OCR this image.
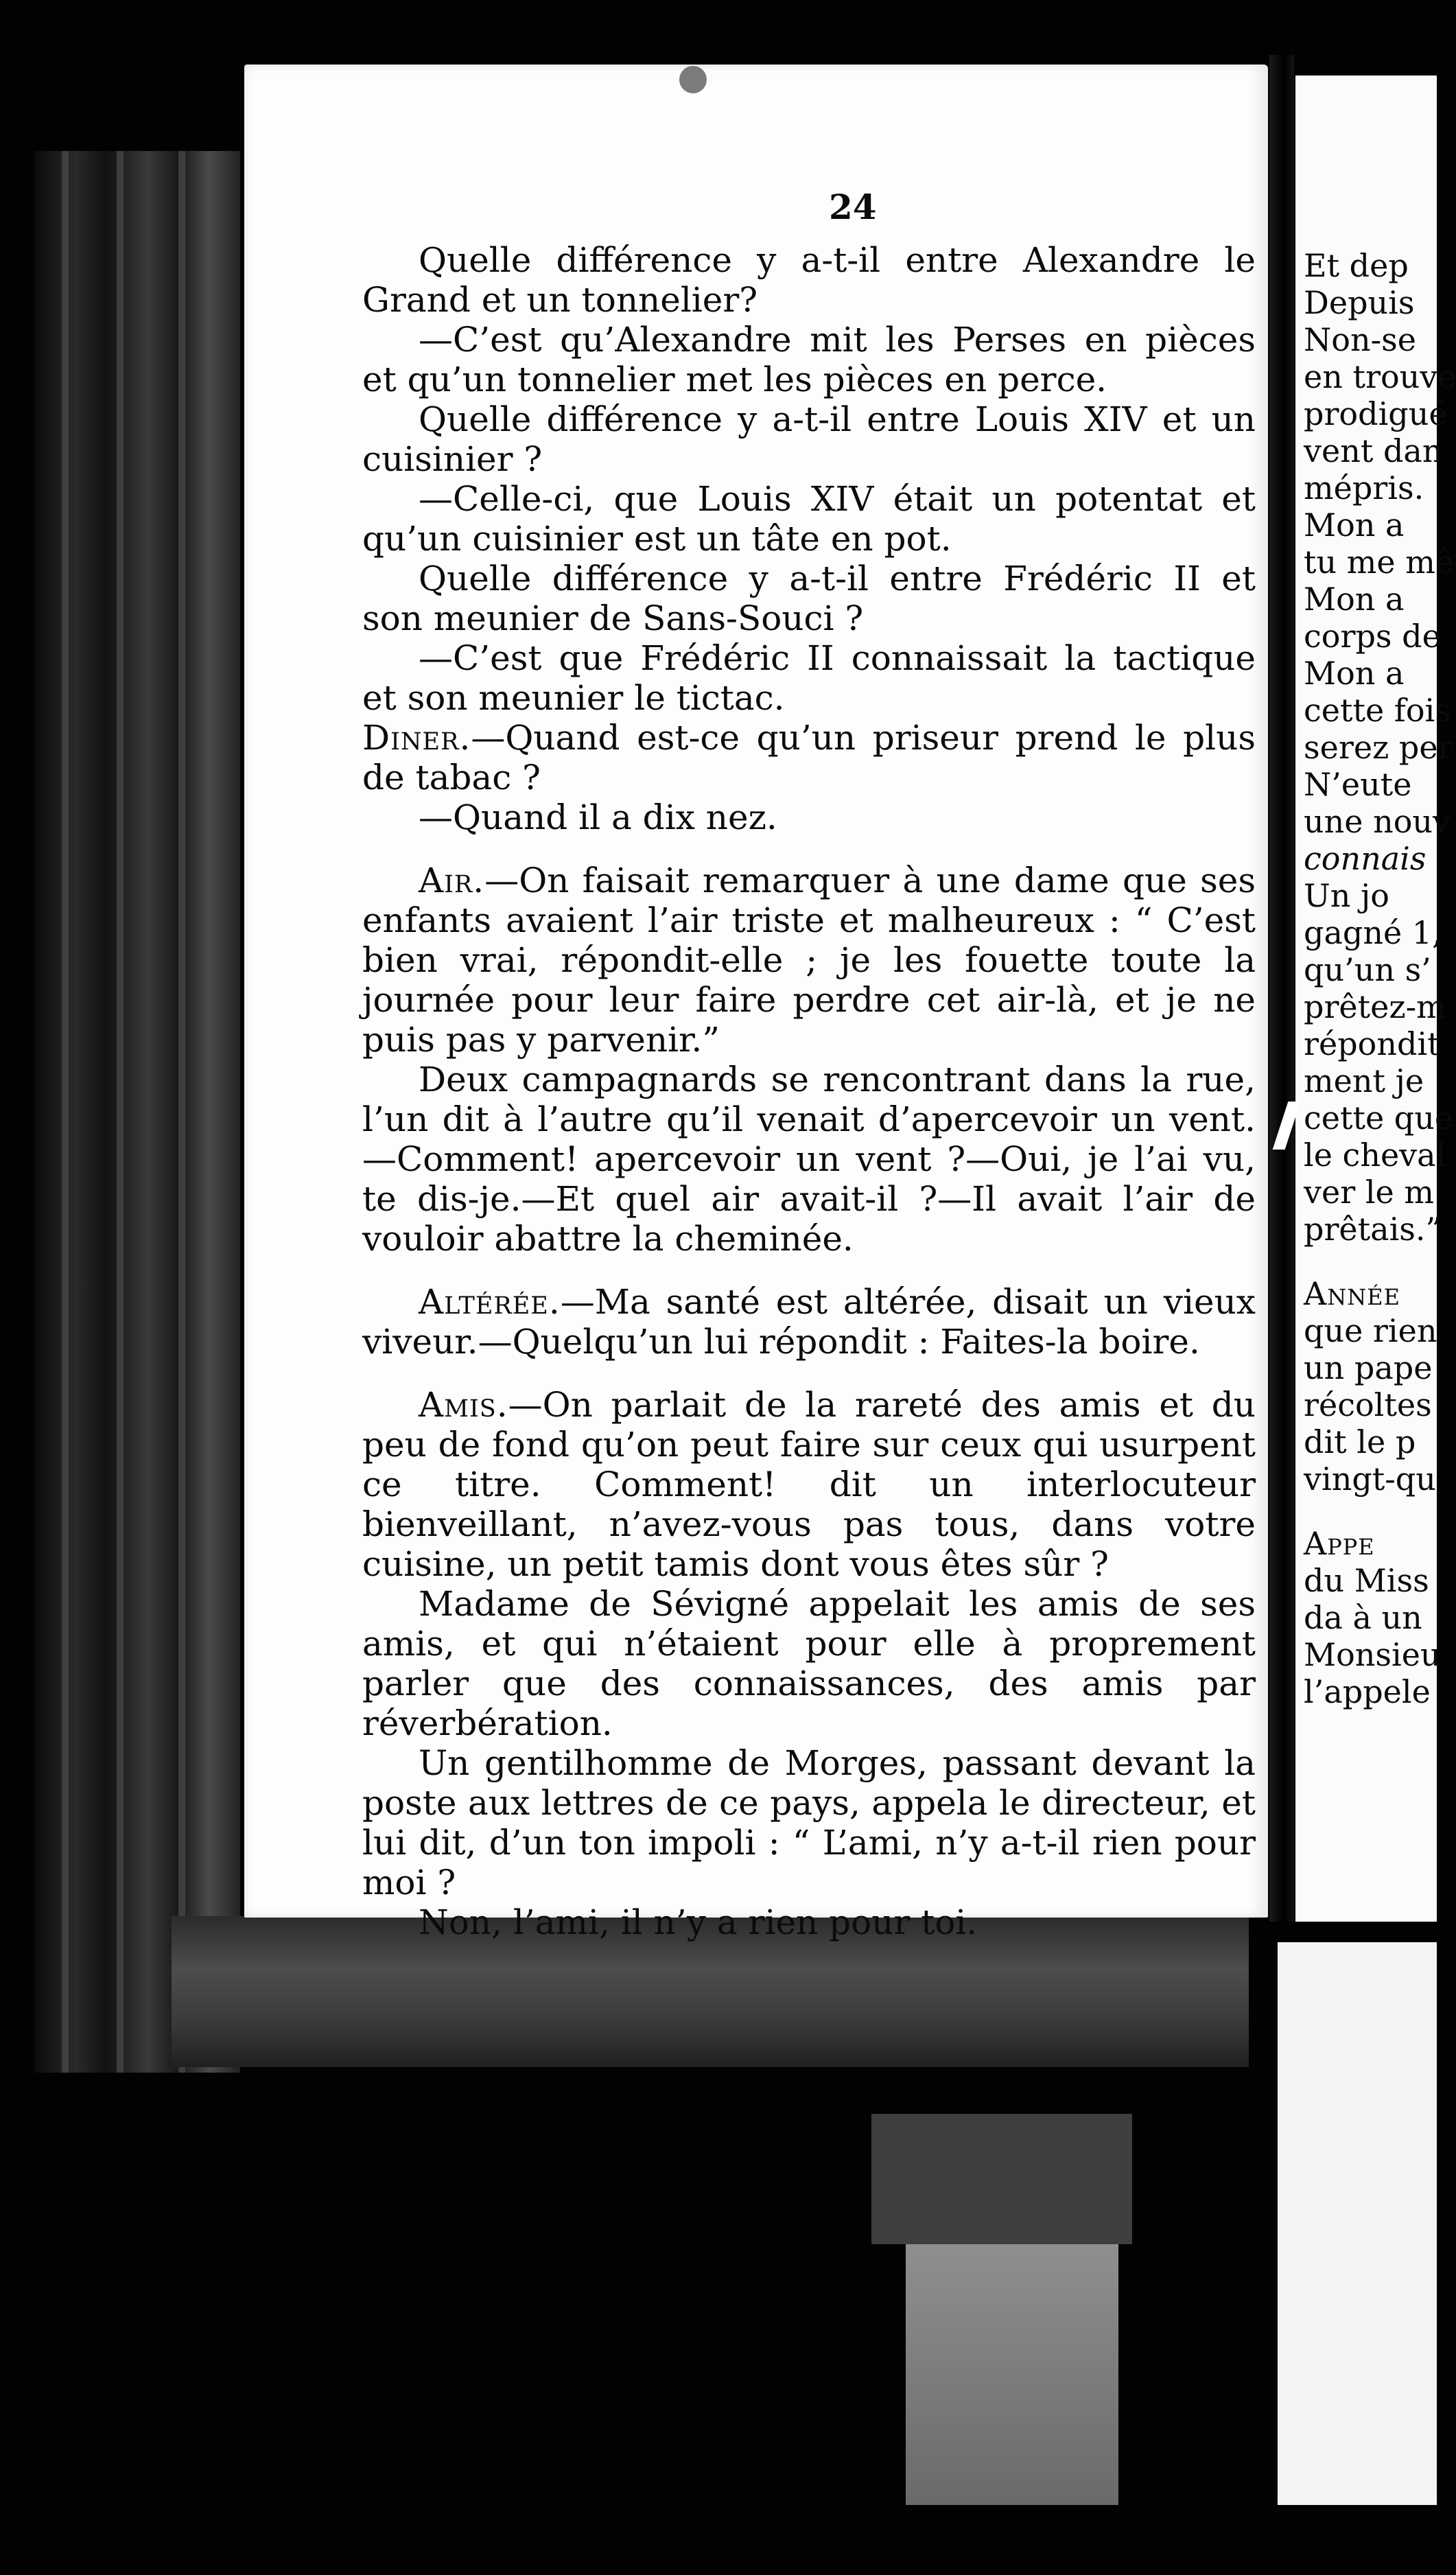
24

Quelle différence y a-t-il entre Alexandre le Grand et un tonnelier?

—C’est qu’Alexandre mit les Perses en pièces et qu’un tonnelier met les pièces en perce.

Quelle différence y a-t-il entre Louis XIV et un cuisinier ?

—Celle-ci, que Louis XIV était un potentat et qu’un cuisinier est un tâte en pot.

Quelle différence y a-t-il entre Frédéric II et son meunier de Sans-Souci ?

—C’est que Frédéric II connaissait la tactique et son meunier le tictac.

Diner.—Quand est-ce qu’un priseur prend le plus de tabac ?

—Quand il a dix nez.

Air.—On faisait remarquer à une dame que ses enfants avaient l’air triste et malheureux : “ C’est bien vrai, répondit-elle ; je les fouette toute la journée pour leur faire perdre cet air-là, et je ne puis pas y parvenir.”

Deux campagnards se rencontrant dans la rue, l’un dit à l’autre qu’il venait d’apercevoir un vent.—Comment! apercevoir un vent ?—Oui, je l’ai vu, te dis-je.—Et quel air avait-il ?—Il avait l’air de vouloir abattre la cheminée.

Altérée.—Ma santé est altérée, disait un vieux viveur.—Quelqu’un lui répondit : Faites-la boire.

Amis.—On parlait de la rareté des amis et du peu de fond qu’on peut faire sur ceux qui usurpent ce titre. Comment! dit un interlocuteur bienveillant, n’avez-vous pas tous, dans votre cuisine, un petit tamis dont vous êtes sûr ?

Madame de Sévigné appelait les amis de ses amis, et qui n’étaient pour elle à proprement parler que des connaissances, des amis par réverbération.

Un gentilhomme de Morges, passant devant la poste aux lettres de ce pays, appela le directeur, et lui dit, d’un ton impoli : “ L’ami, n’y a-t-il rien pour moi ?

Non, l’ami, il n’y a rien pour toi.

Et dep
Depuis
Non-se
en trouve
prodigué
vent dan
mépris.
Mon a
tu me mê
Mon a
corps de
Mon a
cette fois
serez per
N’eute
une nouv
connais
Un jo
gagné 1,
qu’un s’
prêtez-m
répondit
ment je
cette que
le cheval
ver le m
prêtais.”
Année
que rien
un pape
récoltes
dit le p
vingt-qu
Appe
du Miss
da à un
Monsieu
l’appele
